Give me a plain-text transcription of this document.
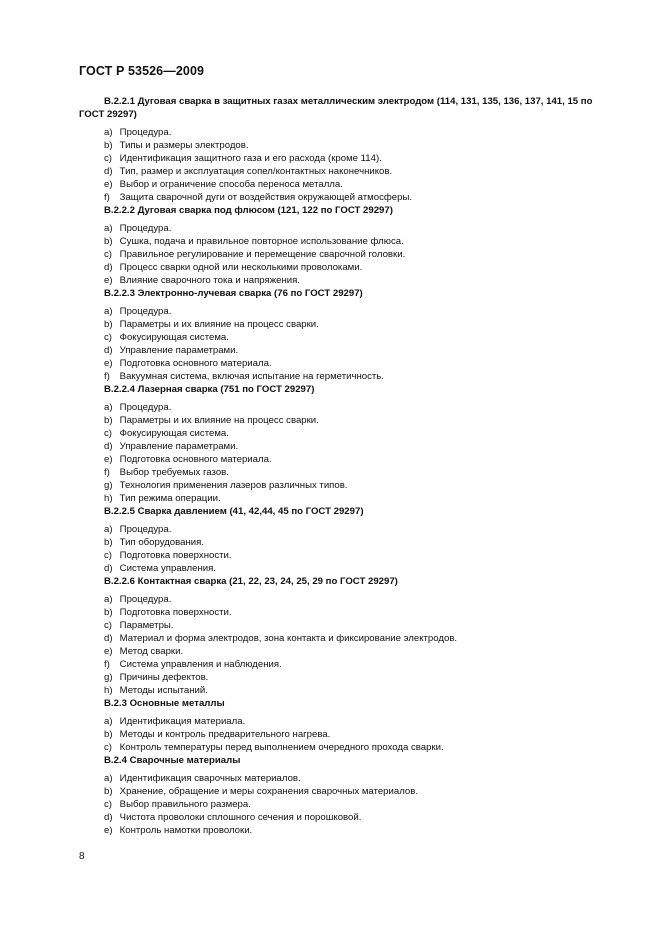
ГОСТ Р 53526—2009
В.2.2.1 Дуговая сварка в защитных газах металлическим электродом (114, 131, 135, 136, 137, 141, 15 по ГОСТ 29297)
a) Процедура.
b) Типы и размеры электродов.
c) Идентификация защитного газа и его расхода (кроме 114).
d) Тип, размер и эксплуатация сопел/контактных наконечников.
e) Выбор и ограничение способа переноса металла.
f) Защита сварочной дуги от воздействия окружающей атмосферы.
В.2.2.2 Дуговая сварка под флюсом (121, 122 по ГОСТ 29297)
a) Процедура.
b) Сушка, подача и правильное повторное использование флюса.
c) Правильное регулирование и перемещение сварочной головки.
d) Процесс сварки одной или несколькими проволоками.
e) Влияние сварочного тока и напряжения.
В.2.2.3 Электронно-лучевая сварка (76 по ГОСТ 29297)
a) Процедура.
b) Параметры и их влияние на процесс сварки.
c) Фокусирующая система.
d) Управление параметрами.
e) Подготовка основного материала.
f) Вакуумная система, включая испытание на герметичность.
В.2.2.4 Лазерная сварка (751 по ГОСТ 29297)
a) Процедура.
b) Параметры и их влияние на процесс сварки.
c) Фокусирующая система.
d) Управление параметрами.
e) Подготовка основного материала.
f) Выбор требуемых газов.
g) Технология применения лазеров различных типов.
h) Тип режима операции.
В.2.2.5 Сварка давлением (41, 42,44, 45 по ГОСТ 29297)
a) Процедура.
b) Тип оборудования.
c) Подготовка поверхности.
d) Система управления.
В.2.2.6 Контактная сварка (21, 22, 23, 24, 25, 29 по ГОСТ 29297)
a) Процедура.
b) Подготовка поверхности.
c) Параметры.
d) Материал и форма электродов, зона контакта и фиксирование электродов.
e) Метод сварки.
f) Система управления и наблюдения.
g) Причины дефектов.
h) Методы испытаний.
В.2.3 Основные металлы
a) Идентификация материала.
b) Методы и контроль предварительного нагрева.
c) Контроль температуры перед выполнением очередного прохода сварки.
В.2.4 Сварочные материалы
a) Идентификация сварочных материалов.
b) Хранение, обращение и меры сохранения сварочных материалов.
c) Выбор правильного размера.
d) Чистота проволоки сплошного сечения и порошковой.
e) Контроль намотки проволоки.
8
